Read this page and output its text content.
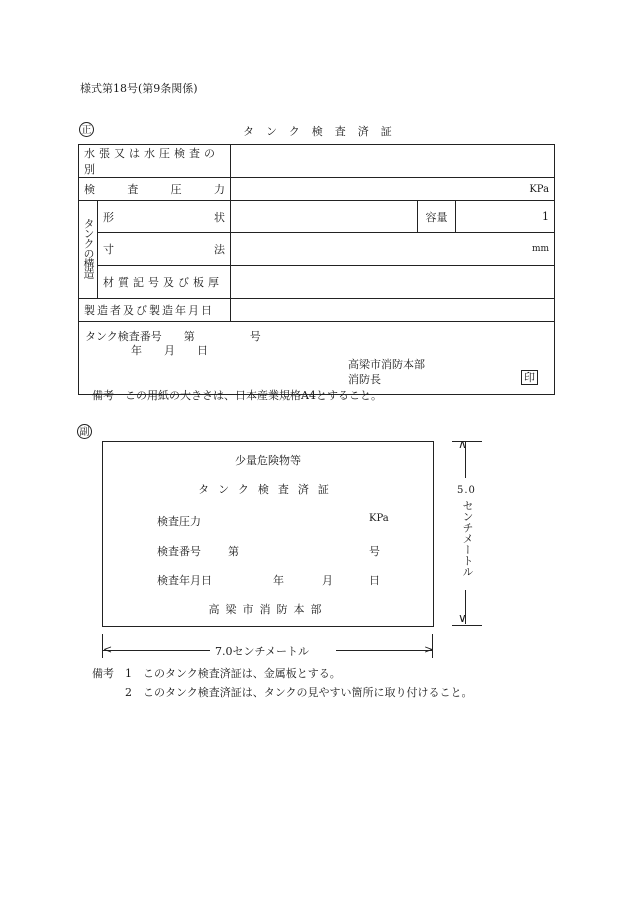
様式第18号(第9条関係)
正	タンク検査済証
水張又は水圧検査の別				

検 査 圧 力		KPa		
タンクの構造	形 状		容量	1

	寸 法	mm		
	材質記号及び板厚			
製造者及び製造年月日				

タンク検査番号　　第　　　　　号
年　　月　　日
高梁市消防本部
消防長 印				
備考　この用紙の大きさは、日本産業規格A4とすること。
副
少量危険物等
タンク検査済証
検査圧力	KPa
検査番号 第	号
検査年月日	年	月	日
高梁市消防本部
∧
∨
5.0
センチメートル
<	>
7.0センチメートル
備考 1　このタンク検査済証は、金属板とする。
2　このタンク検査済証は、タンクの見やすい箇所に取り付けること。
